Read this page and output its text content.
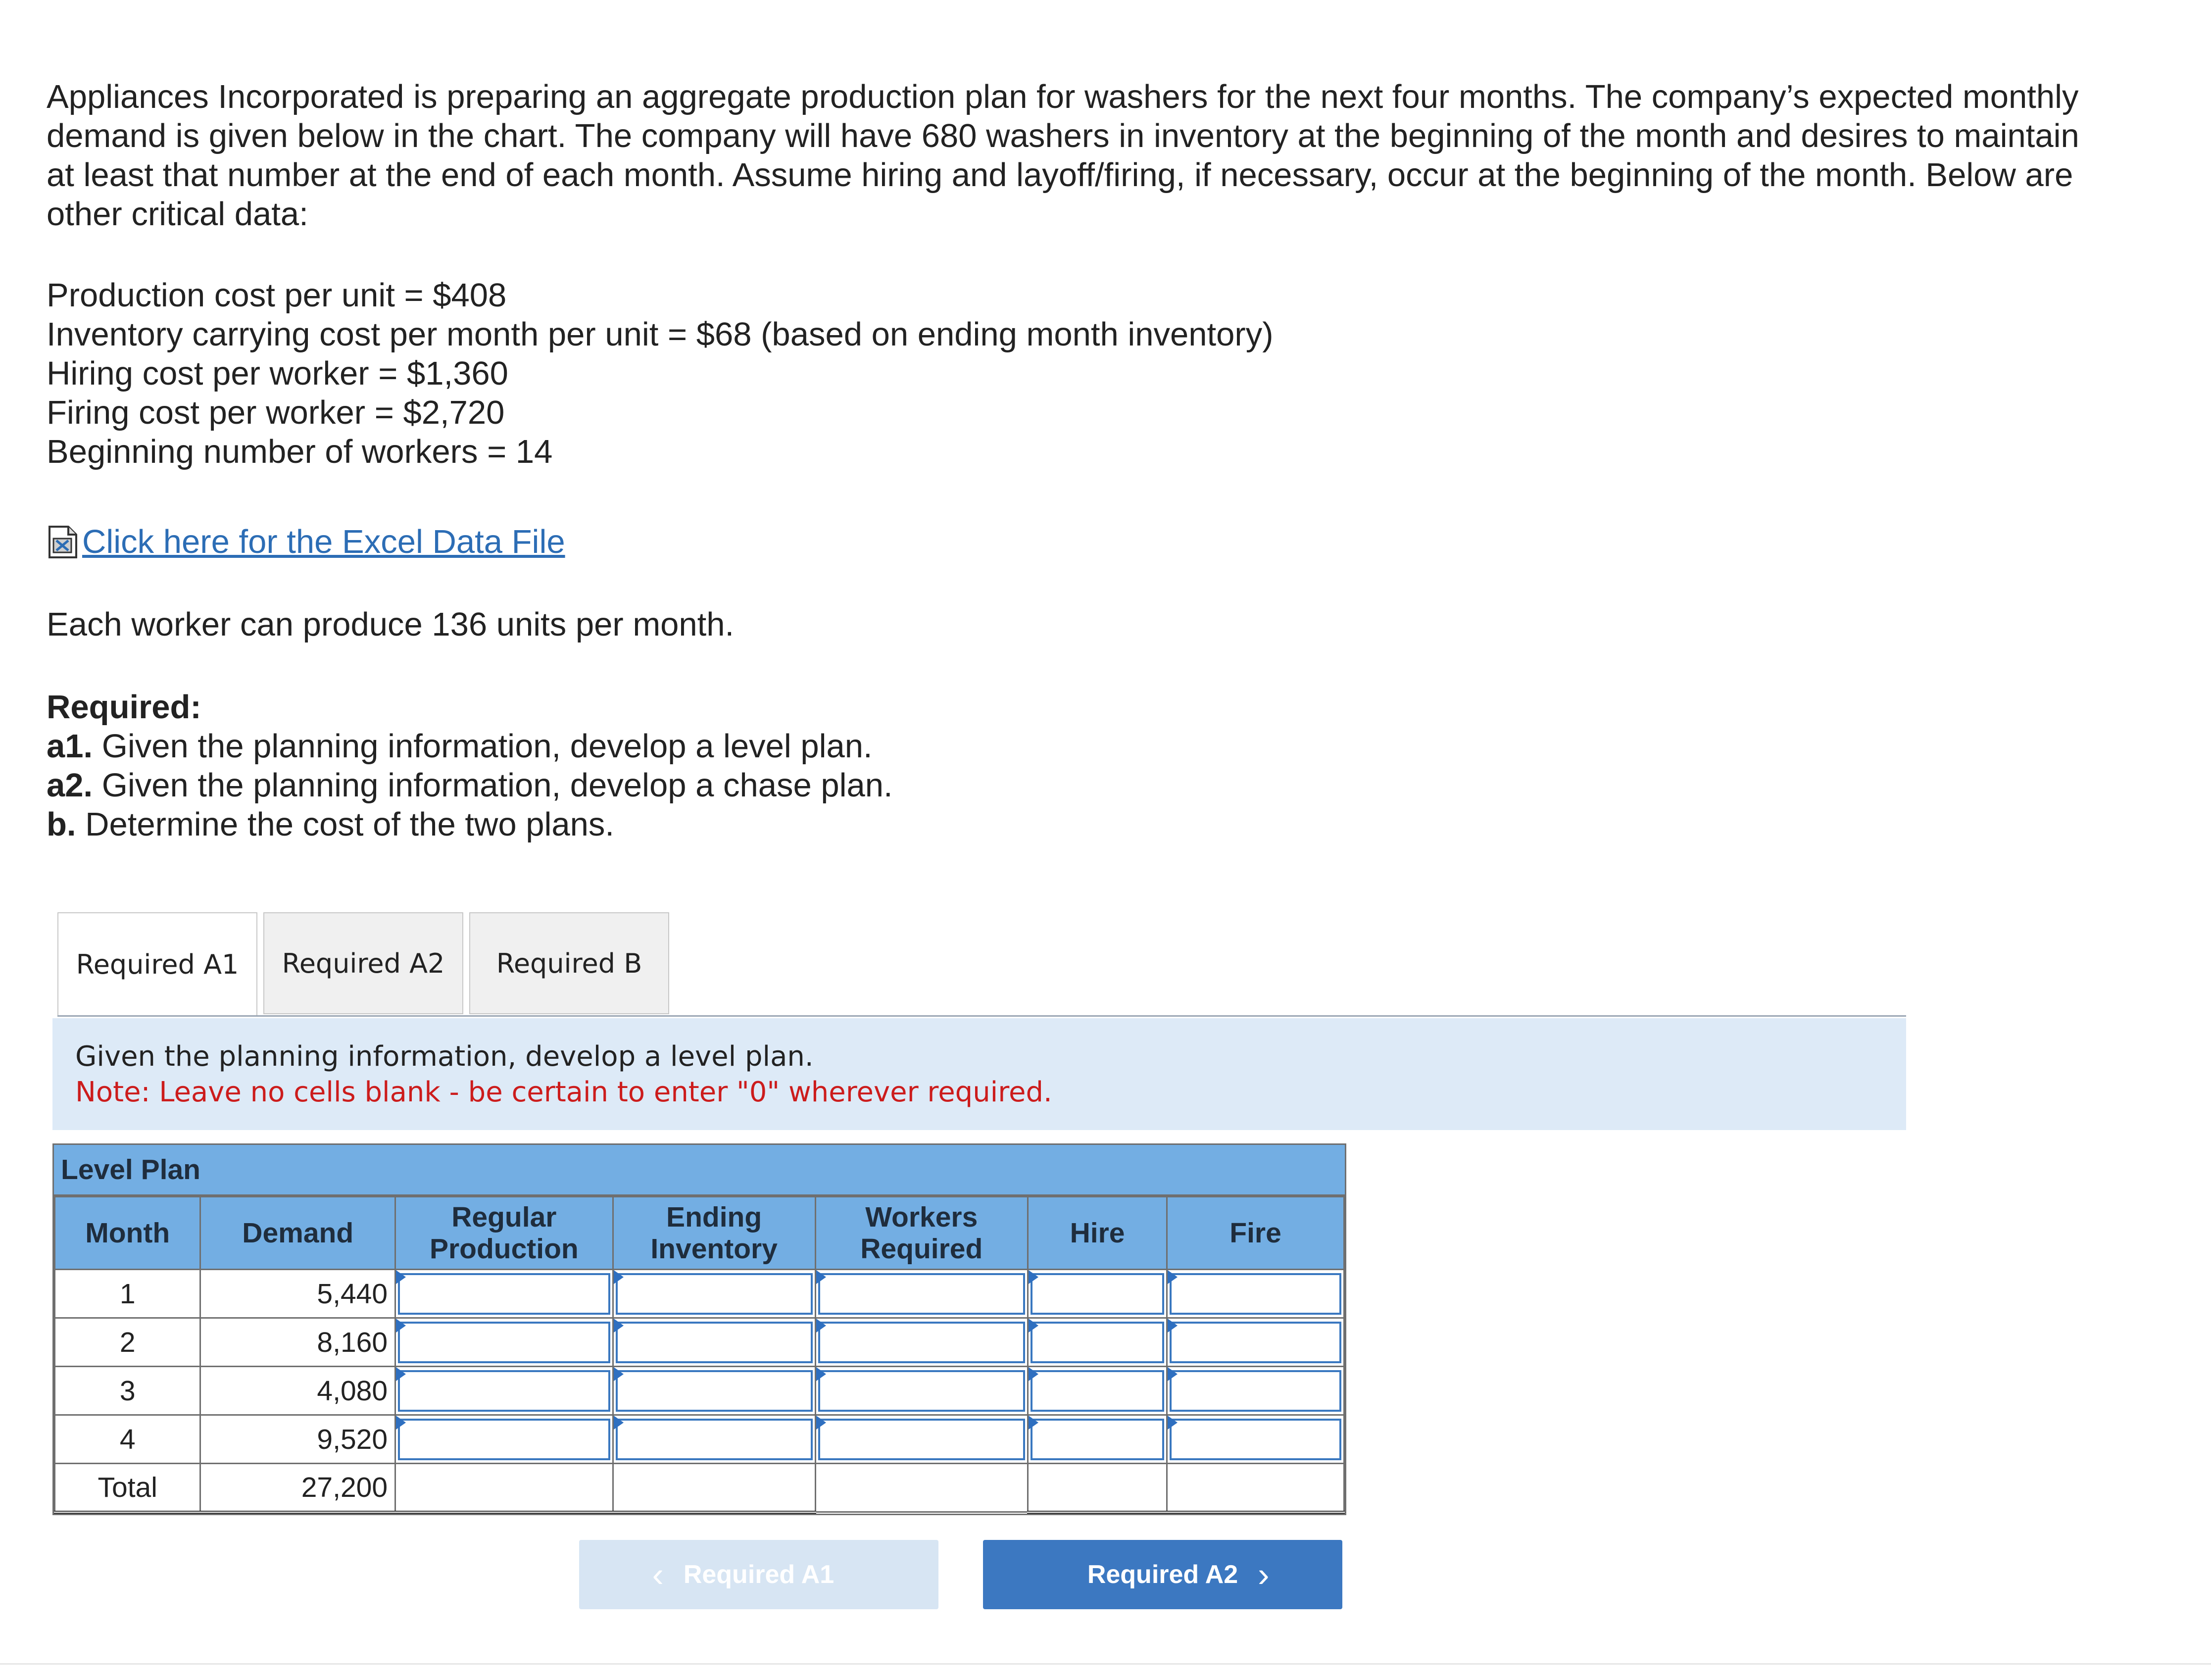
Appliances Incorporated is preparing an aggregate production plan for washers for the next four months. The company’s expected monthly demand is given below in the chart. The company will have 680 washers in inventory at the beginning of the month and desires to maintain at least that number at the end of each month. Assume hiring and layoff/firing, if necessary, occur at the beginning of the month. Below are other critical data:

Production cost per unit = $408
Inventory carrying cost per month per unit = $68 (based on ending month inventory)
Hiring cost per worker = $1,360
Firing cost per worker = $2,720
Beginning number of workers = 14
Click here for the Excel Data File
Each worker can produce 136 units per month.
Required:
a1. Given the planning information, develop a level plan.
a2. Given the planning information, develop a chase plan.
b. Determine the cost of the two plans.
Required A1	Required A2	Required B
Given the planning information, develop a level plan.
Note: Leave no cells blank - be certain to enter "0" wherever required.
Level Plan
Month	Demand	Regular Production	Ending Inventory	Workers Required	Hire	Fire
1	5,440	

2	8,160	

3	4,080	

4	9,520	

Total	27,200					
‹ Required A1	Required A2 ›
